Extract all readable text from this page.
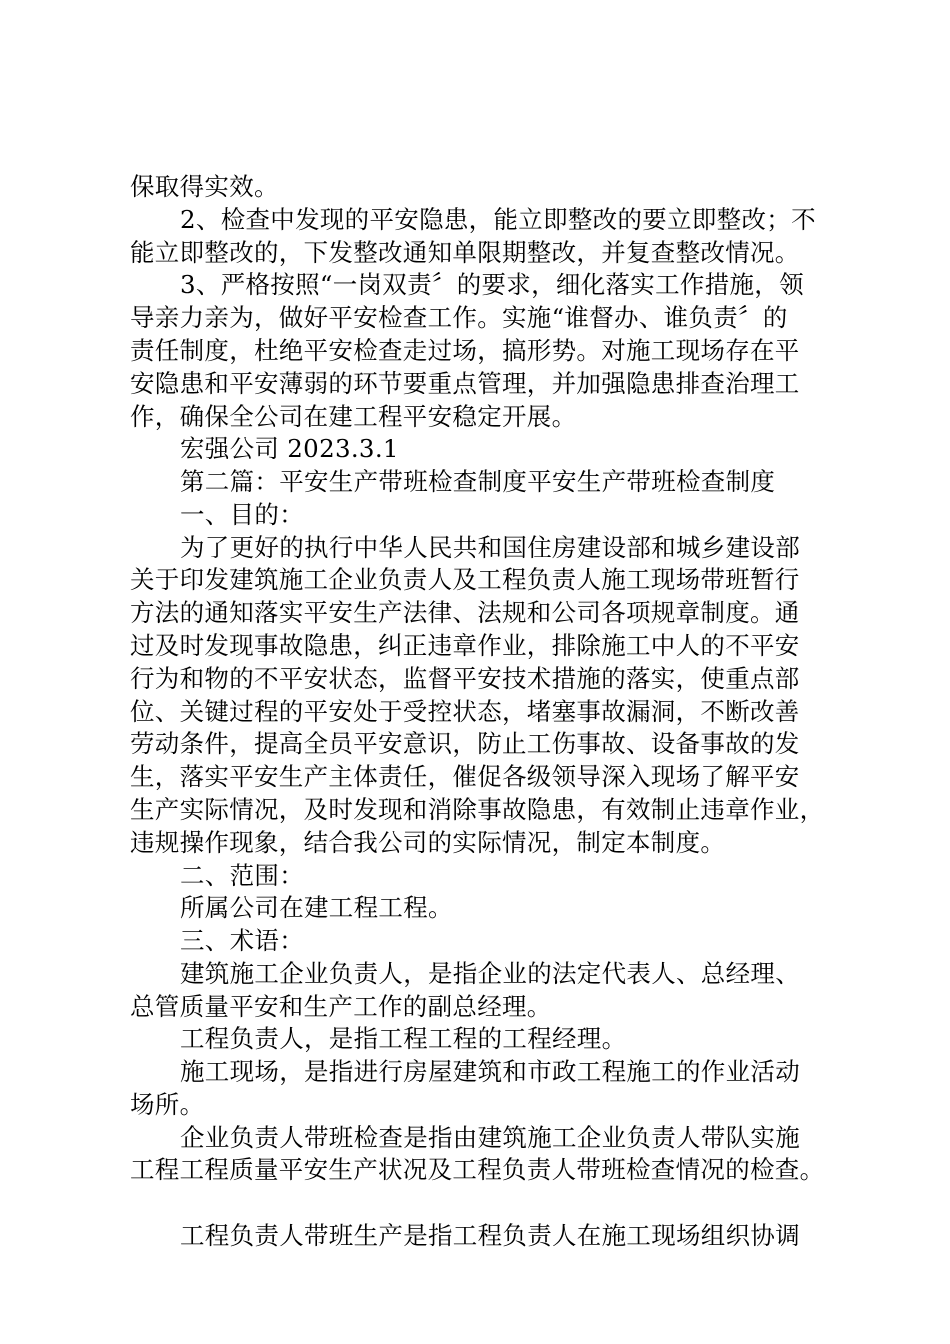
保取得实效。
2、检查中发现的平安隐患，能立即整改的要立即整改；不
能立即整改的，下发整改通知单限期整改，并复查整改情况。
3、严格按照“一岗双责〞的要求，细化落实工作措施，领
导亲力亲为，做好平安检查工作。实施“谁督办、谁负责〞的
责任制度，杜绝平安检查走过场，搞形势。对施工现场存在平
安隐患和平安薄弱的环节要重点管理，并加强隐患排查治理工
作，确保全公司在建工程平安稳定开展。
宏强公司 2023.3.1
第二篇：平安生产带班检查制度平安生产带班检查制度
一、目的：
为了更好的执行中华人民共和国住房建设部和城乡建设部
关于印发建筑施工企业负责人及工程负责人施工现场带班暂行
方法的通知落实平安生产法律、法规和公司各项规章制度。通
过及时发现事故隐患，纠正违章作业，排除施工中人的不平安
行为和物的不平安状态，监督平安技术措施的落实，使重点部
位、关键过程的平安处于受控状态，堵塞事故漏洞，不断改善
劳动条件，提高全员平安意识，防止工伤事故、设备事故的发
生，落实平安生产主体责任，催促各级领导深入现场了解平安
生产实际情况，及时发现和消除事故隐患，有效制止违章作业，
违规操作现象，结合我公司的实际情况，制定本制度。
二、范围：
所属公司在建工程工程。
三、术语：
建筑施工企业负责人，是指企业的法定代表人、总经理、
总管质量平安和生产工作的副总经理。
工程负责人，是指工程工程的工程经理。
施工现场，是指进行房屋建筑和市政工程施工的作业活动
场所。
企业负责人带班检查是指由建筑施工企业负责人带队实施
工程工程质量平安生产状况及工程负责人带班检查情况的检查。
工程负责人带班生产是指工程负责人在施工现场组织协调
